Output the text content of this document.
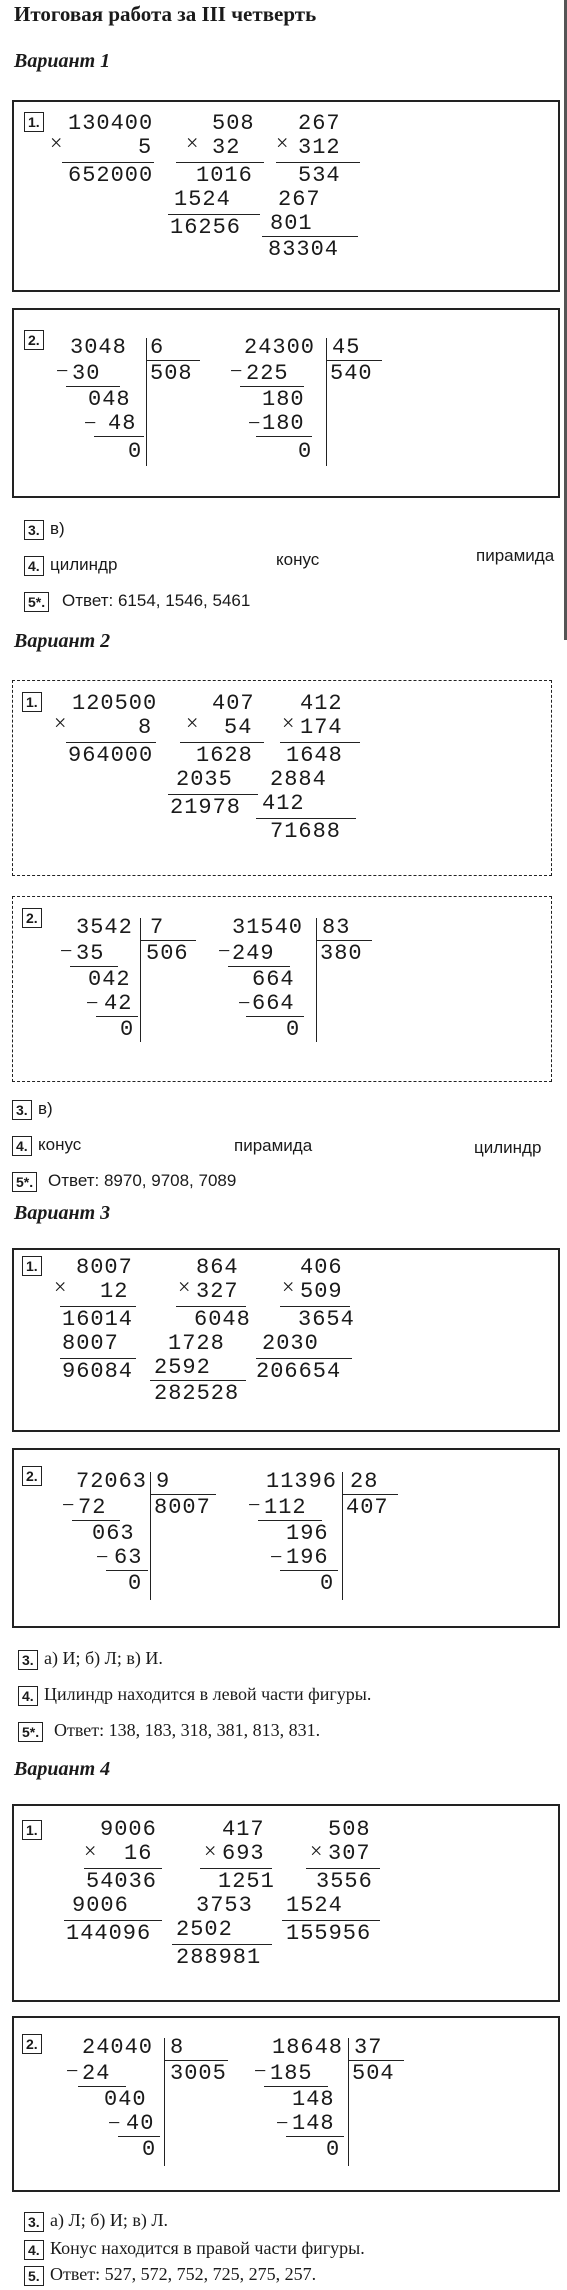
Итоговая работа за III четверть
Вариант 1
1.
×
130400
5
652000
×
508
32
1016
1524
16256
×
267
312
534
267
801
83304
2. 3048 6
508
− 30
048
− 48
0
24300 45
540
− 225
180
− 180
0
3. в)
4. цилиндр	конус	пирамида
5*. Ответ: 6154, 1546, 5461
Вариант 2
1.
×
120500
8
964000
×
407
54
1628
2035
21978
×
412
174
1648
2884
412
71688
2. 3542 7
506
− 35
042
− 42
0
31540 83
380
− 249
664
− 664
0
3. в)
4. конус	пирамида	цилиндр
5*. Ответ: 8970, 9708, 7089
Вариант 3
1.
×
8007
12
16014
8007
96084
×
864
327
6048
1728
2592
282528
×
406
509
3654
2030
206654
2. 72063 9
8007
− 72
063
− 63
0
11396 28
407
− 112
196
− 196
0
3. а) И; б) Л; в) И.
4. Цилиндр находится в левой части фигуры.
5*. Ответ: 138, 183, 318, 381, 813, 831.
Вариант 4
1.
×
9006
16
54036
9006
144096
×
417
693
1251
3753
2502
288981
×
508
307
3556
1524
155956
2. 24040 8
3005
− 24
040
− 40
0
18648 37
504
− 185
148
− 148
0
3. а) Л; б) И; в) Л.
4. Конус находится в правой части фигуры.
5. Ответ: 527, 572, 752, 725, 275, 257.
